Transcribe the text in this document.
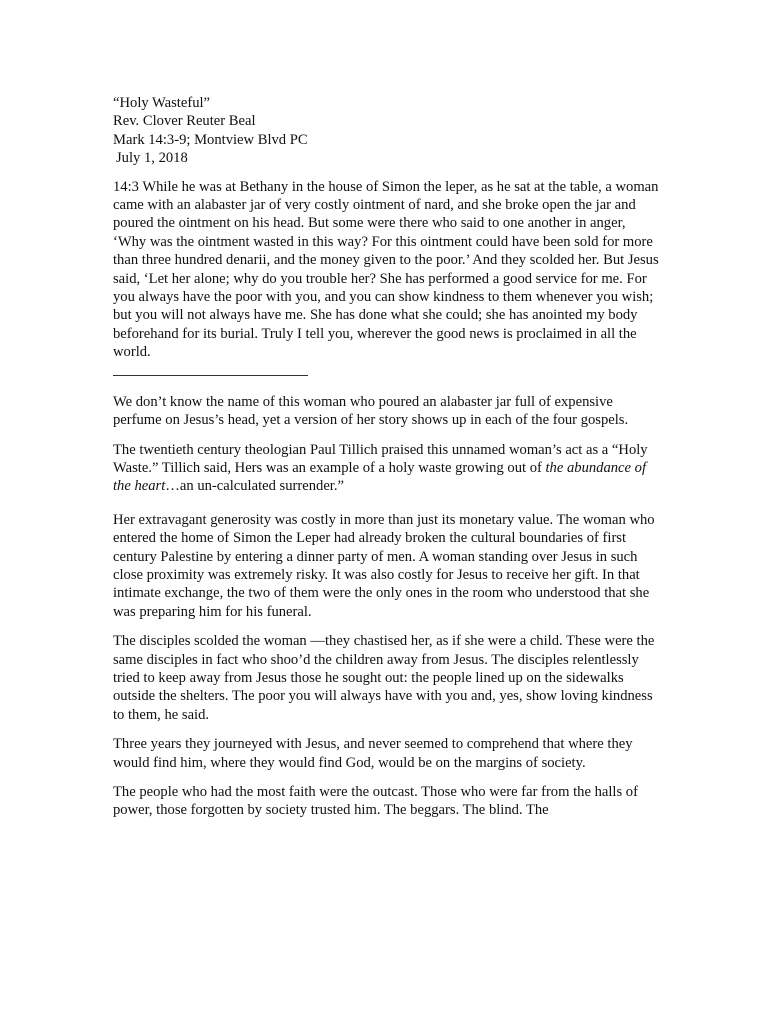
“Holy Wasteful”
Rev. Clover Reuter Beal
Mark 14:3-9; Montview Blvd PC
July 1, 2018

14:3 While he was at Bethany in the house of Simon the leper, as he sat at the table, a woman came with an alabaster jar of very costly ointment of nard, and she broke open the jar and poured the ointment on his head. But some were there who said to one another in anger, ‘Why was the ointment wasted in this way? For this ointment could have been sold for more than three hundred denarii, and the money given to the poor.’ And they scolded her. But Jesus said, ‘Let her alone; why do you trouble her? She has performed a good service for me. For you always have the poor with you, and you can show kindness to them whenever you wish; but you will not always have me. She has done what she could; she has anointed my body beforehand for its burial. Truly I tell you, wherever the good news is proclaimed in all the world.

We don’t know the name of this woman who poured an alabaster jar full of expensive perfume on Jesus’s head, yet a version of her story shows up in each of the four gospels.

The twentieth century theologian Paul Tillich praised this unnamed woman’s act as a “Holy Waste.” Tillich said, Hers was an example of a holy waste growing out of the abundance of the heart…an un-calculated surrender.”

Her extravagant generosity was costly in more than just its monetary value. The woman who entered the home of Simon the Leper had already broken the cultural boundaries of first century Palestine by entering a dinner party of men. A woman standing over Jesus in such close proximity was extremely risky. It was also costly for Jesus to receive her gift. In that intimate exchange, the two of them were the only ones in the room who understood that she was preparing him for his funeral.

The disciples scolded the woman —they chastised her, as if she were a child. These were the same disciples in fact who shoo’d the children away from Jesus. The disciples relentlessly tried to keep away from Jesus those he sought out: the people lined up on the sidewalks outside the shelters. The poor you will always have with you and, yes, show loving kindness to them, he said.

Three years they journeyed with Jesus, and never seemed to comprehend that where they would find him, where they would find God, would be on the margins of society.

The people who had the most faith were the outcast. Those who were far from the halls of power, those forgotten by society trusted him. The beggars. The blind. The
